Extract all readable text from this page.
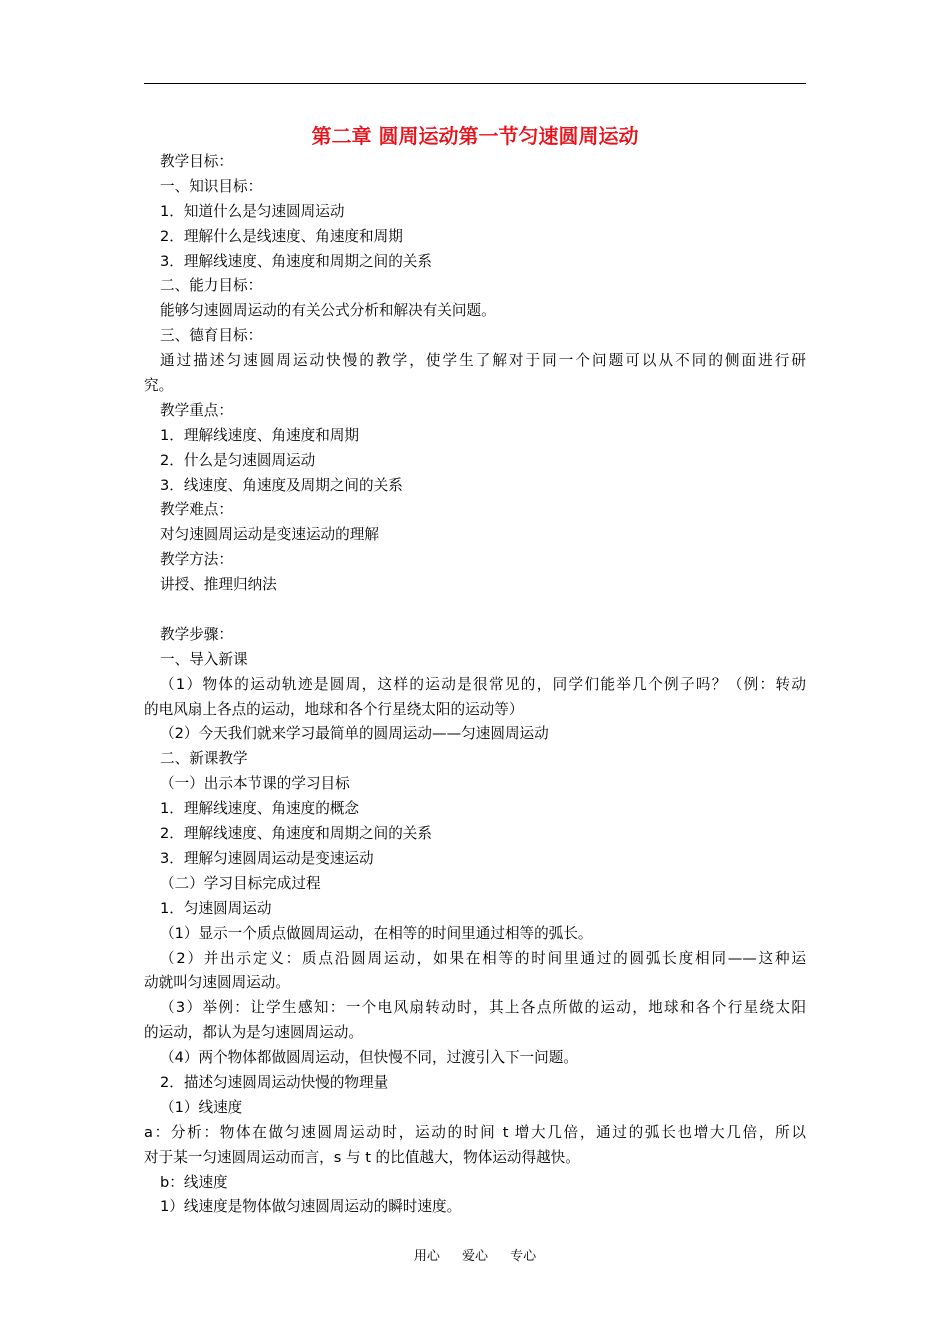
第二章 圆周运动第一节匀速圆周运动
教学目标：
一、知识目标：
1．知道什么是匀速圆周运动
2．理解什么是线速度、角速度和周期
3．理解线速度、角速度和周期之间的关系
二、能力目标：
能够匀速圆周运动的有关公式分析和解决有关问题。
三、德育目标：
通过描述匀速圆周运动快慢的教学，使学生了解对于同一个问题可以从不同的侧面进行研
究。
教学重点：
1．理解线速度、角速度和周期
2．什么是匀速圆周运动
3．线速度、角速度及周期之间的关系
教学难点：
对匀速圆周运动是变速运动的理解
教学方法：
讲授、推理归纳法
教学步骤：
一、导入新课
（1）物体的运动轨迹是圆周，这样的运动是很常见的，同学们能举几个例子吗？（例：转动
的电风扇上各点的运动，地球和各个行星绕太阳的运动等）
（2）今天我们就来学习最简单的圆周运动——匀速圆周运动
二、新课教学
（一）出示本节课的学习目标
1．理解线速度、角速度的概念
2．理解线速度、角速度和周期之间的关系
3．理解匀速圆周运动是变速运动
（二）学习目标完成过程
1．匀速圆周运动
（1）显示一个质点做圆周运动，在相等的时间里通过相等的弧长。
（2）并出示定义：质点沿圆周运动，如果在相等的时间里通过的圆弧长度相同——这种运
动就叫匀速圆周运动。
（3）举例：让学生感知：一个电风扇转动时，其上各点所做的运动，地球和各个行星绕太阳
的运动，都认为是匀速圆周运动。
（4）两个物体都做圆周运动，但快慢不同，过渡引入下一问题。
2．描述匀速圆周运动快慢的物理量
（1）线速度
a：分析：物体在做匀速圆周运动时，运动的时间 t 增大几倍，通过的弧长也增大几倍，所以
对于某一匀速圆周运动而言，s 与 t 的比值越大，物体运动得越快。
b：线速度
1）线速度是物体做匀速圆周运动的瞬时速度。
用心 爱心 专心
